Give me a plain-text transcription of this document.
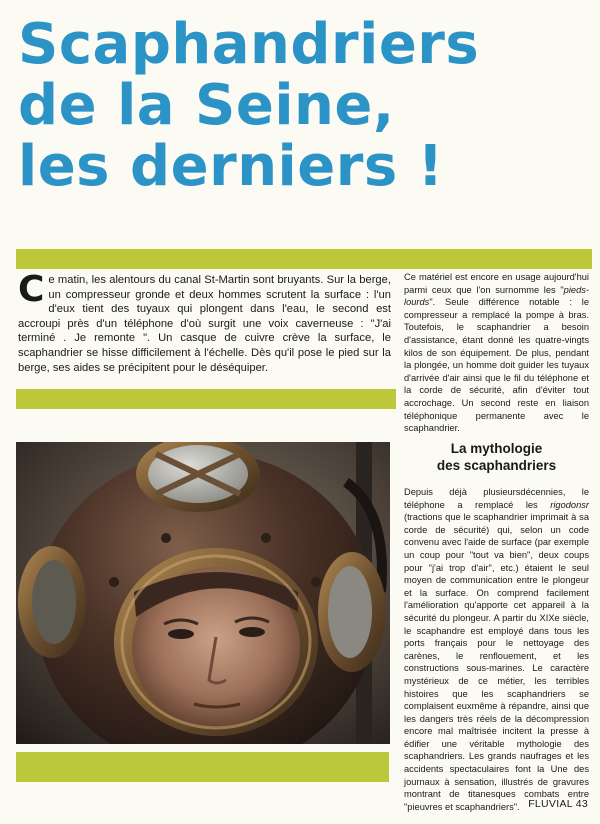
Scaphandriers
de la Seine,
les derniers !

Ce matin, les alentours du canal St-Martin sont bruyants. Sur la berge, un compresseur gronde et deux hommes scrutent la surface : l'un d'eux tient des tuyaux qui plongent dans l'eau, le second est accroupi près d'un téléphone d'où surgit une voix caverneuse : "J'ai terminé . Je remonte ". Un casque de cuivre crève la surface, le scaphandrier se hisse difficilement à l'échelle. Dès qu'il pose le pied sur la berge, ses aides se précipitent pour le déséquiper.

Ce matériel est encore en usage aujourd'hui parmi ceux que l'on surnomme les "pieds-lourds". Seule différence notable : le compresseur a remplacé la pompe à bras. Toutefois, le scaphandrier a besoin d'assistance, étant donné les quatre-vingts kilos de son équipement. De plus, pendant la plongée, un homme doit guider les tuyaux d'arrivée d'air ainsi que le fil du téléphone et la corde de sécurité, afin d'éviter tout accrochage. Un second reste en liaison téléphonique permanente avec le scaphandrier.

La mythologie
des scaphandriers

Depuis déjà plusieursdécennies, le téléphone a remplacé les rigodonsr (tractions que le scaphandrier imprimait à sa corde de sécurité) qui, selon un code convenu avec l'aide de surface (par exemple un coup pour "tout va bien", deux coups pour "j'ai trop d'air", etc.) étaient le seul moyen de communication entre le plongeur et la surface. On comprend facilement l'amélioration qu'apporte cet appareil à la sécurité du plongeur. A partir du XIXe siècle, le scaphandre est employé dans tous les ports français pour le nettoyage des carènes, le renflouement, et les constructions sous-marines. Le caractère mystérieux de ce métier, les terribles histoires que les scaphandriers se complaisent euxmême à répandre, ainsi que les dangers très réels de la décompression encore mal maîtrisée incitent la presse à édifier une véritable mythologie des scaphandriers. Les grands naufrages et les accidents spectaculaires font la Une des journaux à sensation, illustrés de gravures montrant de titanesques combats entre "pieuvres et scaphandriers". FLUVIAL 43
